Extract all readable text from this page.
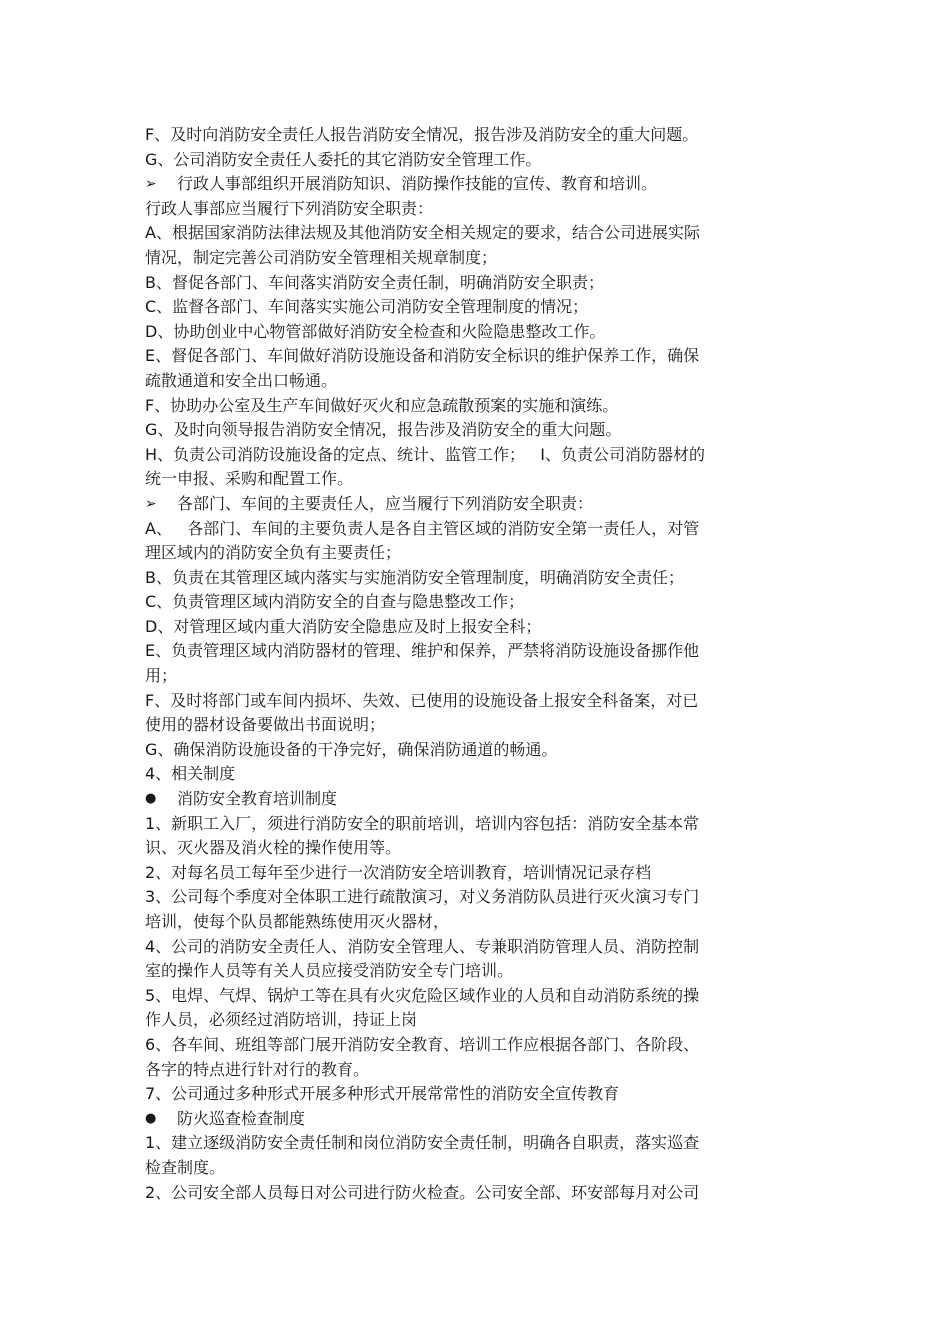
F、及时向消防安全责任人报告消防安全情况，报告涉及消防安全的重大问题。

G、公司消防安全责任人委托的其它消防安全管理工作。

➢	行政人事部组织开展消防知识、消防操作技能的宣传、教育和培训。

行政人事部应当履行下列消防安全职责：

A、根据国家消防法律法规及其他消防安全相关规定的要求，结合公司进展实际

情况，制定完善公司消防安全管理相关规章制度；

B、督促各部门、车间落实消防安全责任制，明确消防安全职责；

C、监督各部门、车间落实实施公司消防安全管理制度的情况；

D、协助创业中心物管部做好消防安全检查和火险隐患整改工作。

E、督促各部门、车间做好消防设施设备和消防安全标识的维护保养工作，确保

疏散通道和安全出口畅通。

F、协助办公室及生产车间做好灭火和应急疏散预案的实施和演练。

G、及时向领导报告消防安全情况，报告涉及消防安全的重大问题。

H、负责公司消防设施设备的定点、统计、监管工作；   I、负责公司消防器材的

统一申报、采购和配置工作。

➢	各部门、车间的主要责任人，应当履行下列消防安全职责：

A、   各部门、车间的主要负责人是各自主管区域的消防安全第一责任人，对管

理区域内的消防安全负有主要责任；

B、负责在其管理区域内落实与实施消防安全管理制度，明确消防安全责任；

C、负责管理区域内消防安全的自查与隐患整改工作；

D、对管理区域内重大消防安全隐患应及时上报安全科；

E、负责管理区域内消防器材的管理、维护和保养，严禁将消防设施设备挪作他

用；

F、及时将部门或车间内损坏、失效、已使用的设施设备上报安全科备案，对已

使用的器材设备要做出书面说明；

G、确保消防设施设备的干净完好，确保消防通道的畅通。

4、相关制度

●	消防安全教育培训制度

1、新职工入厂，须进行消防安全的职前培训，培训内容包括：消防安全基本常

识、灭火器及消火栓的操作使用等。

2、对每名员工每年至少进行一次消防安全培训教育，培训情况记录存档

3、公司每个季度对全体职工进行疏散演习，对义务消防队员进行灭火演习专门

培训，使每个队员都能熟练使用灭火器材，

4、公司的消防安全责任人、消防安全管理人、专兼职消防管理人员、消防控制

室的操作人员等有关人员应接受消防安全专门培训。

5、电焊、气焊、锅炉工等在具有火灾危险区域作业的人员和自动消防系统的操

作人员，必须经过消防培训，持证上岗

6、各车间、班组等部门展开消防安全教育、培训工作应根据各部门、各阶段、

各字的特点进行针对行的教育。

7、公司通过多种形式开展多种形式开展常常性的消防安全宣传教育

●	防火巡查检查制度

1、建立逐级消防安全责任制和岗位消防安全责任制，明确各自职责，落实巡查

检查制度。

2、公司安全部人员每日对公司进行防火检查。公司安全部、环安部每月对公司
